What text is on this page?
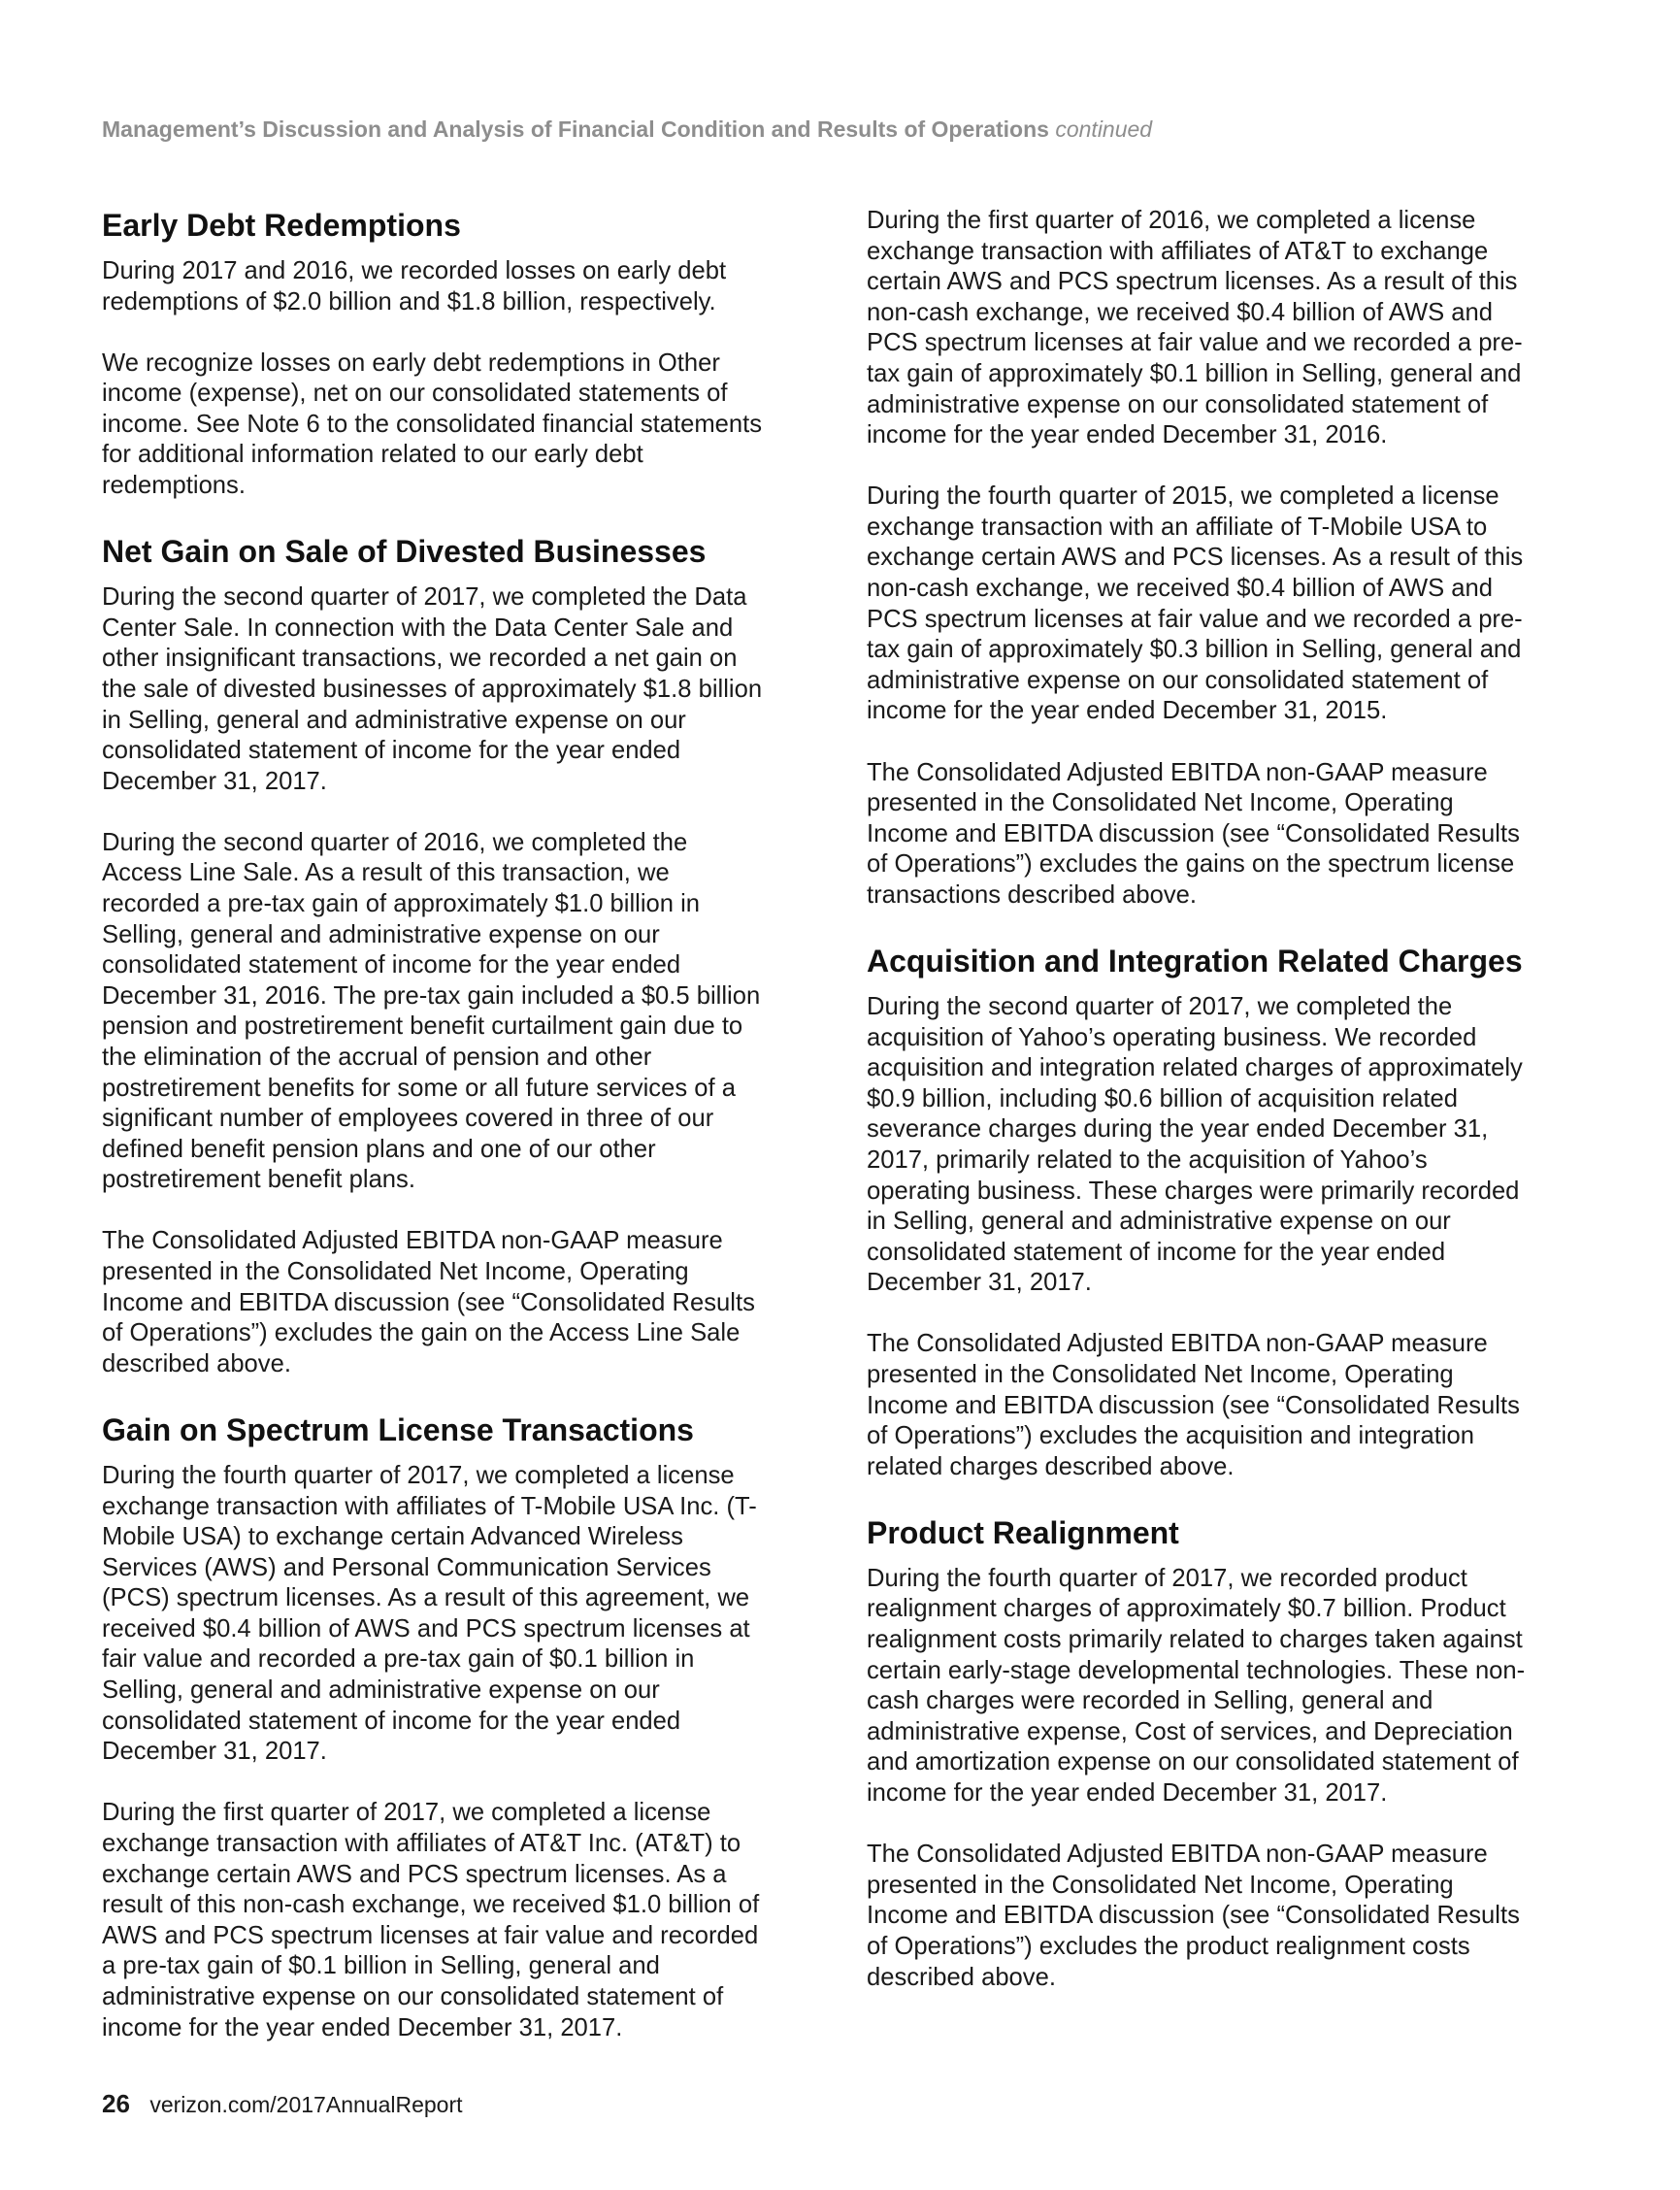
Management’s Discussion and Analysis of Financial Condition and Results of Operations continued
Early Debt Redemptions

During 2017 and 2016, we recorded losses on early debt
redemptions of $2.0 billion and $1.8 billion, respectively.

We recognize losses on early debt redemptions in Other
income (expense), net on our consolidated statements of
income. See Note 6 to the consolidated financial statements
for additional information related to our early debt
redemptions.

Net Gain on Sale of Divested Businesses

During the second quarter of 2017, we completed the Data
Center Sale. In connection with the Data Center Sale and
other insignificant transactions, we recorded a net gain on
the sale of divested businesses of approximately $1.8 billion
in Selling, general and administrative expense on our
consolidated statement of income for the year ended
December 31, 2017.

During the second quarter of 2016, we completed the
Access Line Sale. As a result of this transaction, we
recorded a pre-tax gain of approximately $1.0 billion in
Selling, general and administrative expense on our
consolidated statement of income for the year ended
December 31, 2016. The pre-tax gain included a $0.5 billion
pension and postretirement benefit curtailment gain due to
the elimination of the accrual of pension and other
postretirement benefits for some or all future services of a
significant number of employees covered in three of our
defined benefit pension plans and one of our other
postretirement benefit plans.

The Consolidated Adjusted EBITDA non-GAAP measure
presented in the Consolidated Net Income, Operating
Income and EBITDA discussion (see “Consolidated Results
of Operations”) excludes the gain on the Access Line Sale
described above.

Gain on Spectrum License Transactions

During the fourth quarter of 2017, we completed a license
exchange transaction with affiliates of T-Mobile USA Inc. (T-
Mobile USA) to exchange certain Advanced Wireless
Services (AWS) and Personal Communication Services
(PCS) spectrum licenses. As a result of this agreement, we
received $0.4 billion of AWS and PCS spectrum licenses at
fair value and recorded a pre-tax gain of $0.1 billion in
Selling, general and administrative expense on our
consolidated statement of income for the year ended
December 31, 2017.

During the first quarter of 2017, we completed a license
exchange transaction with affiliates of AT&T Inc. (AT&T) to
exchange certain AWS and PCS spectrum licenses. As a
result of this non-cash exchange, we received $1.0 billion of
AWS and PCS spectrum licenses at fair value and recorded
a pre-tax gain of $0.1 billion in Selling, general and
administrative expense on our consolidated statement of
income for the year ended December 31, 2017.

During the first quarter of 2016, we completed a license
exchange transaction with affiliates of AT&T to exchange
certain AWS and PCS spectrum licenses. As a result of this
non-cash exchange, we received $0.4 billion of AWS and
PCS spectrum licenses at fair value and we recorded a pre-
tax gain of approximately $0.1 billion in Selling, general and
administrative expense on our consolidated statement of
income for the year ended December 31, 2016.

During the fourth quarter of 2015, we completed a license
exchange transaction with an affiliate of T-Mobile USA to
exchange certain AWS and PCS licenses. As a result of this
non-cash exchange, we received $0.4 billion of AWS and
PCS spectrum licenses at fair value and we recorded a pre-
tax gain of approximately $0.3 billion in Selling, general and
administrative expense on our consolidated statement of
income for the year ended December 31, 2015.

The Consolidated Adjusted EBITDA non-GAAP measure
presented in the Consolidated Net Income, Operating
Income and EBITDA discussion (see “Consolidated Results
of Operations”) excludes the gains on the spectrum license
transactions described above.

Acquisition and Integration Related Charges

During the second quarter of 2017, we completed the
acquisition of Yahoo’s operating business. We recorded
acquisition and integration related charges of approximately
$0.9 billion, including $0.6 billion of acquisition related
severance charges during the year ended December 31,
2017, primarily related to the acquisition of Yahoo’s
operating business. These charges were primarily recorded
in Selling, general and administrative expense on our
consolidated statement of income for the year ended
December 31, 2017.

The Consolidated Adjusted EBITDA non-GAAP measure
presented in the Consolidated Net Income, Operating
Income and EBITDA discussion (see “Consolidated Results
of Operations”) excludes the acquisition and integration
related charges described above.

Product Realignment

During the fourth quarter of 2017, we recorded product
realignment charges of approximately $0.7 billion. Product
realignment costs primarily related to charges taken against
certain early-stage developmental technologies. These non-
cash charges were recorded in Selling, general and
administrative expense, Cost of services, and Depreciation
and amortization expense on our consolidated statement of
income for the year ended December 31, 2017.

The Consolidated Adjusted EBITDA non-GAAP measure
presented in the Consolidated Net Income, Operating
Income and EBITDA discussion (see “Consolidated Results
of Operations”) excludes the product realignment costs
described above.

26 verizon.com/2017AnnualReport
